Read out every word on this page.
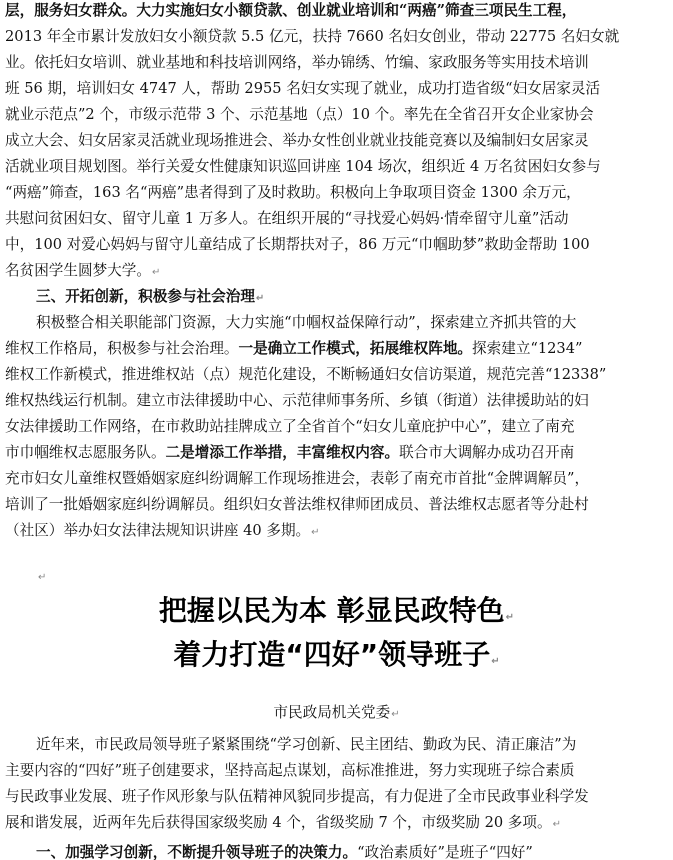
层，服务妇女群众。大力实施妇女小额贷款、创业就业培训和“两癌”筛查三项民生工程，
2013 年全市累计发放妇女小额贷款 5.5 亿元，扶持 7660 名妇女创业，带动 22775 名妇女就
业。依托妇女培训、就业基地和科技培训网络，举办锦绣、竹编、家政服务等实用技术培训
班 56 期，培训妇女 4747 人，帮助 2955 名妇女实现了就业，成功打造省级“妇女居家灵活
就业示范点”2 个，市级示范带 3 个、示范基地（点）10 个。率先在全省召开女企业家协会
成立大会、妇女居家灵活就业现场推进会、举办女性创业就业技能竞赛以及编制妇女居家灵
活就业项目规划图。举行关爱女性健康知识巡回讲座 104 场次，组织近 4 万名贫困妇女参与
“两癌”筛查，163 名“两癌”患者得到了及时救助。积极向上争取项目资金 1300 余万元，
共慰问贫困妇女、留守儿童 1 万多人。在组织开展的“寻找爱心妈妈·情牵留守儿童”活动
中，100 对爱心妈妈与留守儿童结成了长期帮扶对子，86 万元“巾帼助梦”救助金帮助 100
名贫困学生圆梦大学。↵
三、开拓创新，积极参与社会治理↵
积极整合相关职能部门资源，大力实施“巾帼权益保障行动”，探索建立齐抓共管的大
维权工作格局，积极参与社会治理。一是确立工作模式，拓展维权阵地。探索建立“1234”
维权工作新模式，推进维权站（点）规范化建设，不断畅通妇女信访渠道，规范完善“12338”
维权热线运行机制。建立市法律援助中心、示范律师事务所、乡镇（街道）法律援助站的妇
女法律援助工作网络，在市救助站挂牌成立了全省首个“妇女儿童庇护中心”，建立了南充
市巾帼维权志愿服务队。二是增添工作举措，丰富维权内容。联合市大调解办成功召开南
充市妇女儿童维权暨婚姻家庭纠纷调解工作现场推进会，表彰了南充市首批“金牌调解员”，
培训了一批婚姻家庭纠纷调解员。组织妇女普法维权律师团成员、普法维权志愿者等分赴村
（社区）举办妇女法律法规知识讲座 40 多期。↵
↵
把握以民为本 彰显民政特色↵
着力打造“四好”领导班子↵
市民政局机关党委↵
近年来，市民政局领导班子紧紧围绕“学习创新、民主团结、勤政为民、清正廉洁”为
主要内容的“四好”班子创建要求，坚持高起点谋划，高标准推进，努力实现班子综合素质
与民政事业发展、班子作风形象与队伍精神风貌同步提高，有力促进了全市民政事业科学发
展和谐发展，近两年先后获得国家级奖励 4 个，省级奖励 7 个，市级奖励 20 多项。↵
一、加强学习创新，不断提升领导班子的决策力。“政治素质好”是班子“四好”
